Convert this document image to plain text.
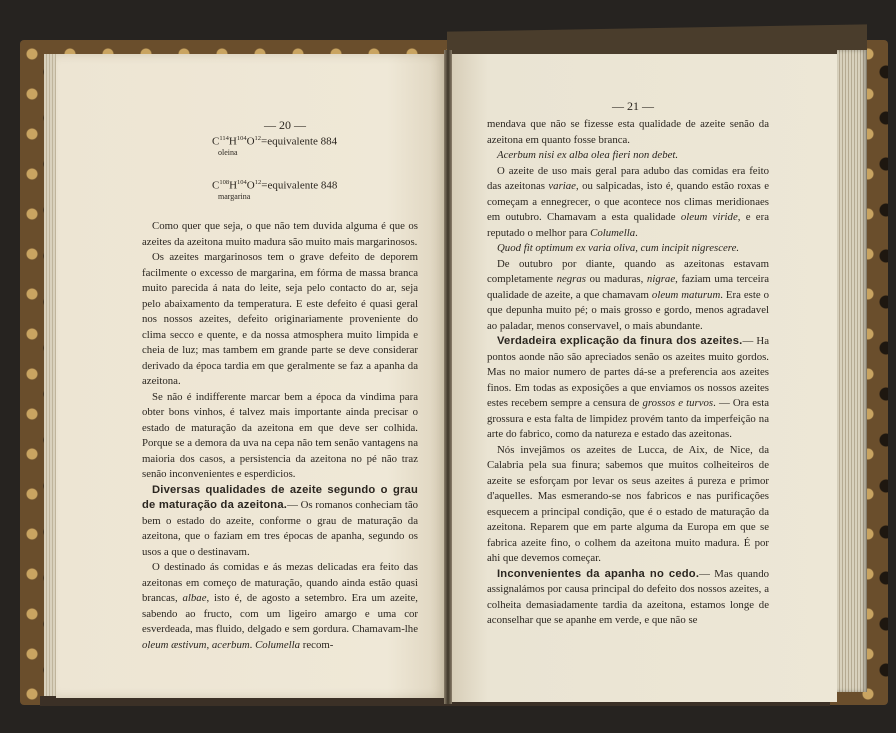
— 20 —
$C^{114}H^{104}O^{12}=equivalente$ 884
oleina
$C^{108}H^{104}O^{12}=equivalente$ 848
margarina

Como quer que seja, o que não tem duvida alguma é que os azeites da azeitona muito madura são muito mais margarinosos.

Os azeites margarinosos tem o grave defeito de deporem facilmente o excesso de margarina, em fórma de massa branca muito parecida á nata do leite, seja pelo contacto do ar, seja pelo abaixamento da temperatura. E este defeito é quasi geral nos nossos azeites, defeito originariamente proveniente do clima secco e quente, e da nossa atmosphera muito limpida e cheia de luz; mas tambem em grande parte se deve considerar derivado da época tardia em que geralmente se faz a apanha da azeitona.

Se não é indifferente marcar bem a época da vindima para obter bons vinhos, é talvez mais importante ainda precisar o estado de maturação da azeitona em que deve ser colhida. Porque se a demora da uva na cepa não tem senão vantagens na maioria dos casos, a persistencia da azeitona no pé não traz senão inconvenientes e esperdicios.

Diversas qualidades de azeite segundo o grau de maturação da azeitona.— Os romanos conheciam tão bem o estado do azeite, conforme o grau de maturação da azeitona, que o faziam em tres épocas de apanha, segundo os usos a que o destinavam.

O destinado ás comidas e ás mezas delicadas era feito das azeitonas em começo de maturação, quando ainda estão quasi brancas, albae, isto é, de agosto a setembro. Era um azeite, sabendo ao fructo, com um ligeiro amargo e uma cor esverdeada, mas fluido, delgado e sem gordura. Chamavam-lhe oleum æstivum, acerbum. Columella recom-

— 21 —

mendava que não se fizesse esta qualidade de azeite senão da azeitona em quanto fosse branca.

Acerbum nisi ex alba olea fieri non debet.

O azeite de uso mais geral para adubo das comidas era feito das azeitonas variae, ou salpicadas, isto é, quando estão roxas e começam a ennegrecer, o que acontece nos climas meridionaes em outubro. Chamavam a esta qualidade oleum viride, e era reputado o melhor para Columella.

Quod fit optimum ex varia oliva, cum incipit nigrescere.

De outubro por diante, quando as azeitonas estavam completamente negras ou maduras, nigrae, faziam uma terceira qualidade de azeite, a que chamavam oleum maturum. Era este o que depunha muito pé; o mais grosso e gordo, menos agradavel ao paladar, menos conservavel, o mais abundante.

Verdadeira explicação da finura dos azeites.— Ha pontos aonde não são apreciados senão os azeites muito gordos. Mas no maior numero de partes dá-se a preferencia aos azeites finos. Em todas as exposições a que enviamos os nossos azeites estes recebem sempre a censura de grossos e turvos. — Ora esta grossura e esta falta de limpidez provém tanto da imperfeição na arte do fabrico, como da natureza e estado das azeitonas.

Nós invejâmos os azeites de Lucca, de Aix, de Nice, da Calabria pela sua finura; sabemos que muitos colheiteiros de azeite se esforçam por levar os seus azeites á pureza e primor d'aquelles. Mas esmerando-se nos fabricos e nas purificações esquecem a principal condição, que é o estado de maturação da azeitona. Reparem que em parte alguma da Europa em que se fabrica azeite fino, o colhem da azeitona muito madura. É por ahi que devemos começar.

Inconvenientes da apanha no cedo.— Mas quando assignalámos por causa principal do defeito dos nossos azeites, a colheita demasiadamente tardia da azeitona, estamos longe de aconselhar que se apanhe em verde, e que não se
